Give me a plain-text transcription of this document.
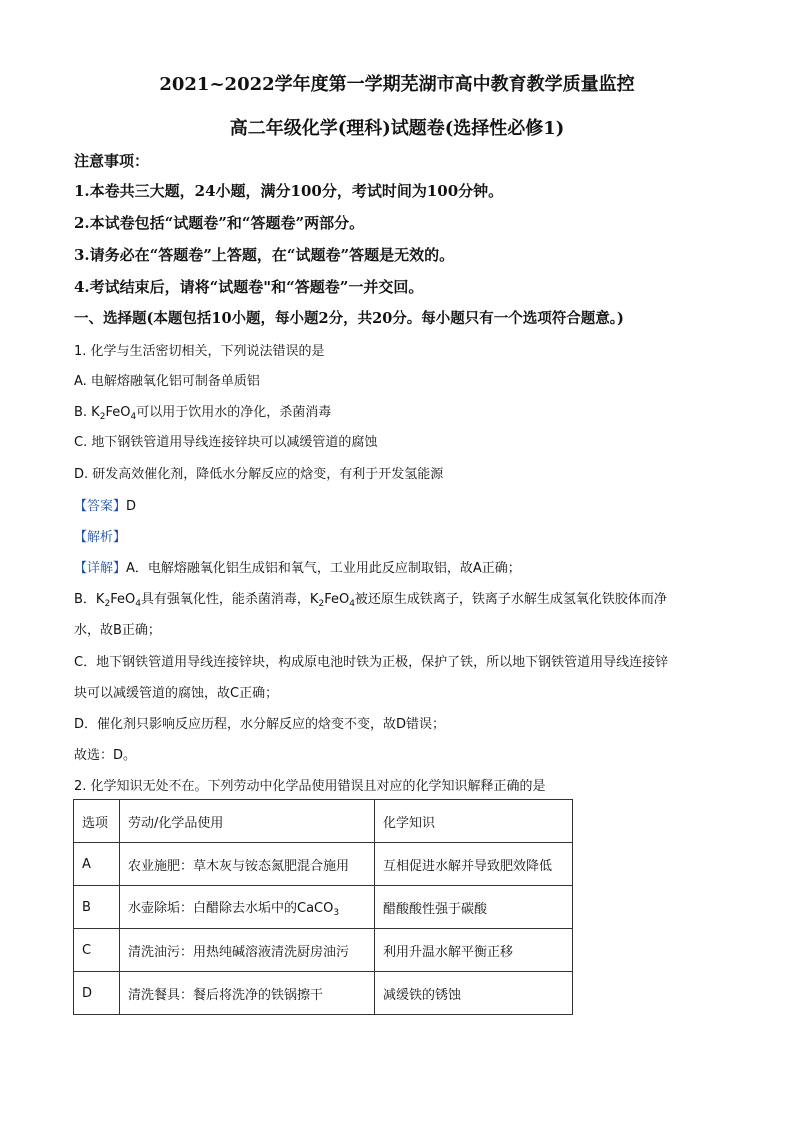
2021~2022学年度第一学期芜湖市高中教育教学质量监控
高二年级化学(理科)试题卷(选择性必修1)
注意事项：
1.本卷共三大题，24小题，满分100分，考试时间为100分钟。
2.本试卷包括“试题卷”和“答题卷”两部分。
3.请务必在“答题卷”上答题，在“试题卷”答题是无效的。
4.考试结束后，请将“试题卷"和“答题卷”一并交回。
一、选择题(本题包括10小题，每小题2分，共20分。每小题只有一个选项符合题意。)
1. 化学与生活密切相关，下列说法错误的是
A. 电解熔融氧化铝可制备单质铝
B. $K_2FeO_4$可以用于饮用水的净化，杀菌消毒
C. 地下钢铁管道用导线连接锌块可以减缓管道的腐蚀
D. 研发高效催化剂，降低水分解反应的焓变，有利于开发氢能源
【答案】D
【解析】
【详解】A．电解熔融氧化铝生成铝和氧气，工业用此反应制取铝，故A正确；
B．$K_2FeO_4$具有强氧化性，能杀菌消毒，$K_2FeO_4$被还原生成铁离子，铁离子水解生成氢氧化铁胶体而净
水，故B正确；
C．地下钢铁管道用导线连接锌块，构成原电池时铁为正极，保护了铁，所以地下钢铁管道用导线连接锌
块可以减缓管道的腐蚀，故C正确；
D．催化剂只影响反应历程，水分解反应的焓变不变，故D错误；
故选：D。
2. 化学知识无处不在。下列劳动中化学品使用错误且对应的化学知识解释正确的是
选项	劳动/化学品使用	化学知识
A	农业施肥：草木灰与铵态氮肥混合施用	互相促进水解并导致肥效降低
B	水壶除垢：白醋除去水垢中的CaCO$_3$	醋酸酸性强于碳酸
C	清洗油污：用热纯碱溶液清洗厨房油污	利用升温水解平衡正移
D	清洗餐具：餐后将洗净的铁锅擦干	减缓铁的锈蚀
